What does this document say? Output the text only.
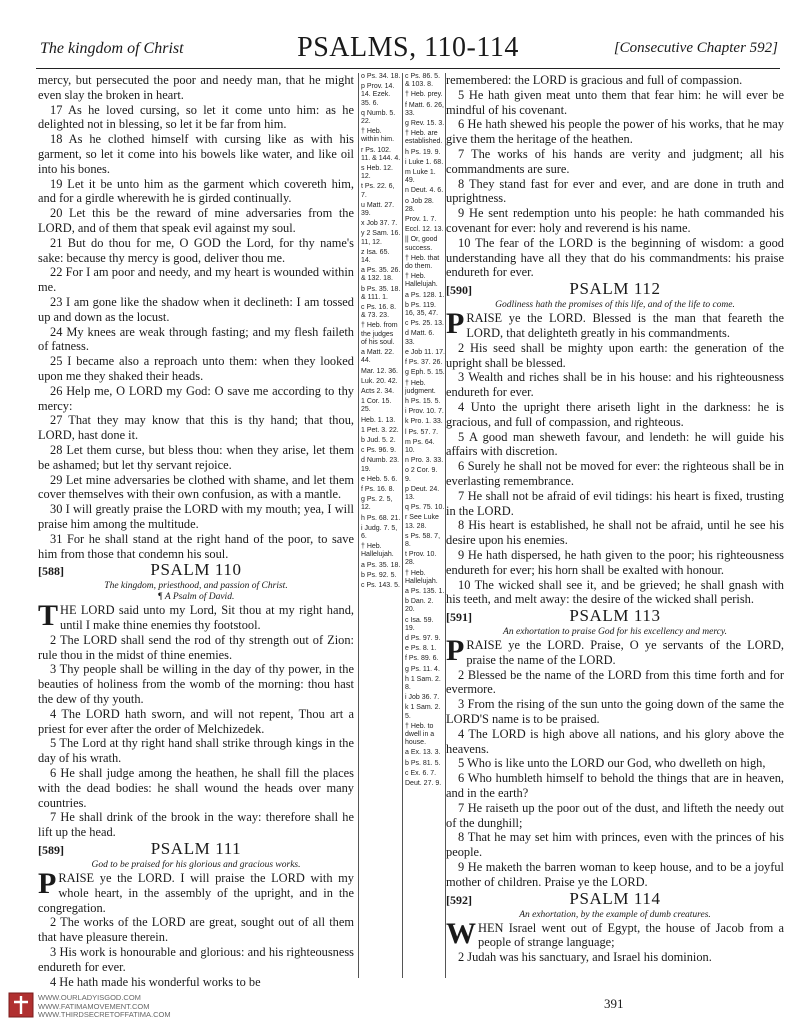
The kingdom of Christ	PSALMS, 110-114	[Consecutive Chapter 592]

mercy, but persecuted the poor and needy man, that he might even slay the broken in heart.

17 As he loved cursing, so let it come unto him: as he delighted not in blessing, so let it be far from him.

18 As he clothed himself with cursing like as with his garment, so let it come into his bowels like water, and like oil into his bones.

19 Let it be unto him as the garment which covereth him, and for a girdle wherewith he is girded continually.

20 Let this be the reward of mine adversaries from the LORD, and of them that speak evil against my soul.

21 But do thou for me, O GOD the Lord, for thy name's sake: because thy mercy is good, deliver thou me.

22 For I am poor and needy, and my heart is wounded within me.

23 I am gone like the shadow when it declineth: I am tossed up and down as the locust.

24 My knees are weak through fasting; and my flesh faileth of fatness.

25 I became also a reproach unto them: when they looked upon me they shaked their heads.

26 Help me, O LORD my God: O save me according to thy mercy:

27 That they may know that this is thy hand; that thou, LORD, hast done it.

28 Let them curse, but bless thou: when they arise, let them be ashamed; but let thy servant rejoice.

29 Let mine adversaries be clothed with shame, and let them cover themselves with their own confusion, as with a mantle.

30 I will greatly praise the LORD with my mouth; yea, I will praise him among the multitude.

31 For he shall stand at the right hand of the poor, to save him from those that condemn his soul.

[588]	PSALM 110
The kingdom, priesthood, and passion of Christ.
¶ A Psalm of David.
T HE LORD said unto my Lord, Sit thou at my right hand, until I make thine enemies thy footstool.

2 The LORD shall send the rod of thy strength out of Zion: rule thou in the midst of thine enemies.

3 Thy people shall be willing in the day of thy power, in the beauties of holiness from the womb of the morning: thou hast the dew of thy youth.

4 The LORD hath sworn, and will not repent, Thou art a priest for ever after the order of Melchizedek.

5 The Lord at thy right hand shall strike through kings in the day of his wrath.

6 He shall judge among the heathen, he shall fill the places with the dead bodies: he shall wound the heads over many countries.

7 He shall drink of the brook in the way: therefore shall he lift up the head.

[589]	PSALM 111
God to be praised for his glorious and gracious works.
P RAISE ye the LORD. I will praise the LORD with my whole heart, in the assembly of the upright, and in the congregation.

2 The works of the LORD are great, sought out of all them that have pleasure therein.

3 His work is honourable and glorious: and his righteousness endureth for ever.

4 He hath made his wonderful works to be

o Ps. 34. 18.
p Prov. 14. 14. Ezek. 35. 6.
q Numb. 5. 22.
† Heb. within him.
r Ps. 102. 11. & 144. 4.
s Heb. 12. 12.
t Ps. 22. 6, 7.
u Matt. 27. 39.
x Job 37. 7.
y 2 Sam. 16. 11, 12.
z Isa. 65. 14.
a Ps. 35. 26. & 132. 18.
b Ps. 35. 18. & 111. 1.
c Ps. 16. 8. & 73. 23.
† Heb. from the judges of his soul.
a Matt. 22. 44.
Mar. 12. 36.
Luk. 20. 42.
Acts 2. 34.
1 Cor. 15. 25.
Heb. 1. 13.
1 Pet. 3. 22.
b Jud. 5. 2.
c Ps. 96. 9.
d Numb. 23. 19.
e Heb. 5. 6.
f Ps. 16. 8.
g Ps. 2. 5, 12.
h Ps. 68. 21.
i Judg. 7. 5, 6.
† Heb. Hallelujah.
a Ps. 35. 18.
b Ps. 92. 5.
c Ps. 143. 5.
c Ps. 86. 5. & 103. 8.
† Heb. prey.
f Matt. 6. 26, 33.
g Rev. 15. 3.
† Heb. are established.
h Ps. 19. 9.
i Luke 1. 68.
m Luke 1. 49.
n Deut. 4. 6.
o Job 28. 28.
Prov. 1. 7.
Eccl. 12. 13.
|| Or, good success.
† Heb. that do them.
† Heb. Hallelujah.
a Ps. 128. 1.
b Ps. 119. 16, 35, 47.
c Ps. 25. 13.
d Matt. 6. 33.
e Job 11. 17.
f Ps. 37. 26.
g Eph. 5. 15.
† Heb. judgment.
h Ps. 15. 5.
i Prov. 10. 7.
k Pro. 1. 33.
l Ps. 57. 7.
m Ps. 64. 10.
n Pro. 3. 33.
o 2 Cor. 9. 9.
p Deut. 24. 13.
q Ps. 75. 10.
r See Luke 13. 28.
s Ps. 58. 7, 8.
t Prov. 10. 28.
† Heb. Hallelujah.
a Ps. 135. 1.
b Dan. 2. 20.
c Isa. 59. 19.
d Ps. 97. 9.
e Ps. 8. 1.
f Ps. 89. 6.
g Ps. 11. 4.
h 1 Sam. 2. 8.
i Job 36. 7.
k 1 Sam. 2. 5.
† Heb. to dwell in a house.
a Ex. 13. 3.
b Ps. 81. 5.
c Ex. 6. 7.
Deut. 27. 9.

remembered: the LORD is gracious and full of compassion.

5 He hath given meat unto them that fear him: he will ever be mindful of his covenant.

6 He hath shewed his people the power of his works, that he may give them the heritage of the heathen.

7 The works of his hands are verity and judgment; all his commandments are sure.

8 They stand fast for ever and ever, and are done in truth and uprightness.

9 He sent redemption unto his people: he hath commanded his covenant for ever: holy and reverend is his name.

10 The fear of the LORD is the beginning of wisdom: a good understanding have all they that do his commandments: his praise endureth for ever.

[590]	PSALM 112
Godliness hath the promises of this life, and of the life to come.
P RAISE ye the LORD. Blessed is the man that feareth the LORD, that delighteth greatly in his commandments.

2 His seed shall be mighty upon earth: the generation of the upright shall be blessed.

3 Wealth and riches shall be in his house: and his righteousness endureth for ever.

4 Unto the upright there ariseth light in the darkness: he is gracious, and full of compassion, and righteous.

5 A good man sheweth favour, and lendeth: he will guide his affairs with discretion.

6 Surely he shall not be moved for ever: the righteous shall be in everlasting remembrance.

7 He shall not be afraid of evil tidings: his heart is fixed, trusting in the LORD.

8 His heart is established, he shall not be afraid, until he see his desire upon his enemies.

9 He hath dispersed, he hath given to the poor; his righteousness endureth for ever; his horn shall be exalted with honour.

10 The wicked shall see it, and be grieved; he shall gnash with his teeth, and melt away: the desire of the wicked shall perish.

[591]	PSALM 113
An exhortation to praise God for his excellency and mercy.
P RAISE ye the LORD. Praise, O ye servants of the LORD, praise the name of the LORD.

2 Blessed be the name of the LORD from this time forth and for evermore.

3 From the rising of the sun unto the going down of the same the LORD'S name is to be praised.

4 The LORD is high above all nations, and his glory above the heavens.

5 Who is like unto the LORD our God, who dwelleth on high,

6 Who humbleth himself to behold the things that are in heaven, and in the earth?

7 He raiseth up the poor out of the dust, and lifteth the needy out of the dunghill;

8 That he may set him with princes, even with the princes of his people.

9 He maketh the barren woman to keep house, and to be a joyful mother of children. Praise ye the LORD.

[592]	PSALM 114
An exhortation, by the example of dumb creatures.
W HEN Israel went out of Egypt, the house of Jacob from a people of strange language;

2 Judah was his sanctuary, and Israel his dominion.

WWW.OURLADYISGOD.COM
WWW.FATIMAMOVEMENT.COM
WWW.THIRDSECRETOFFATIMA.COM
391
